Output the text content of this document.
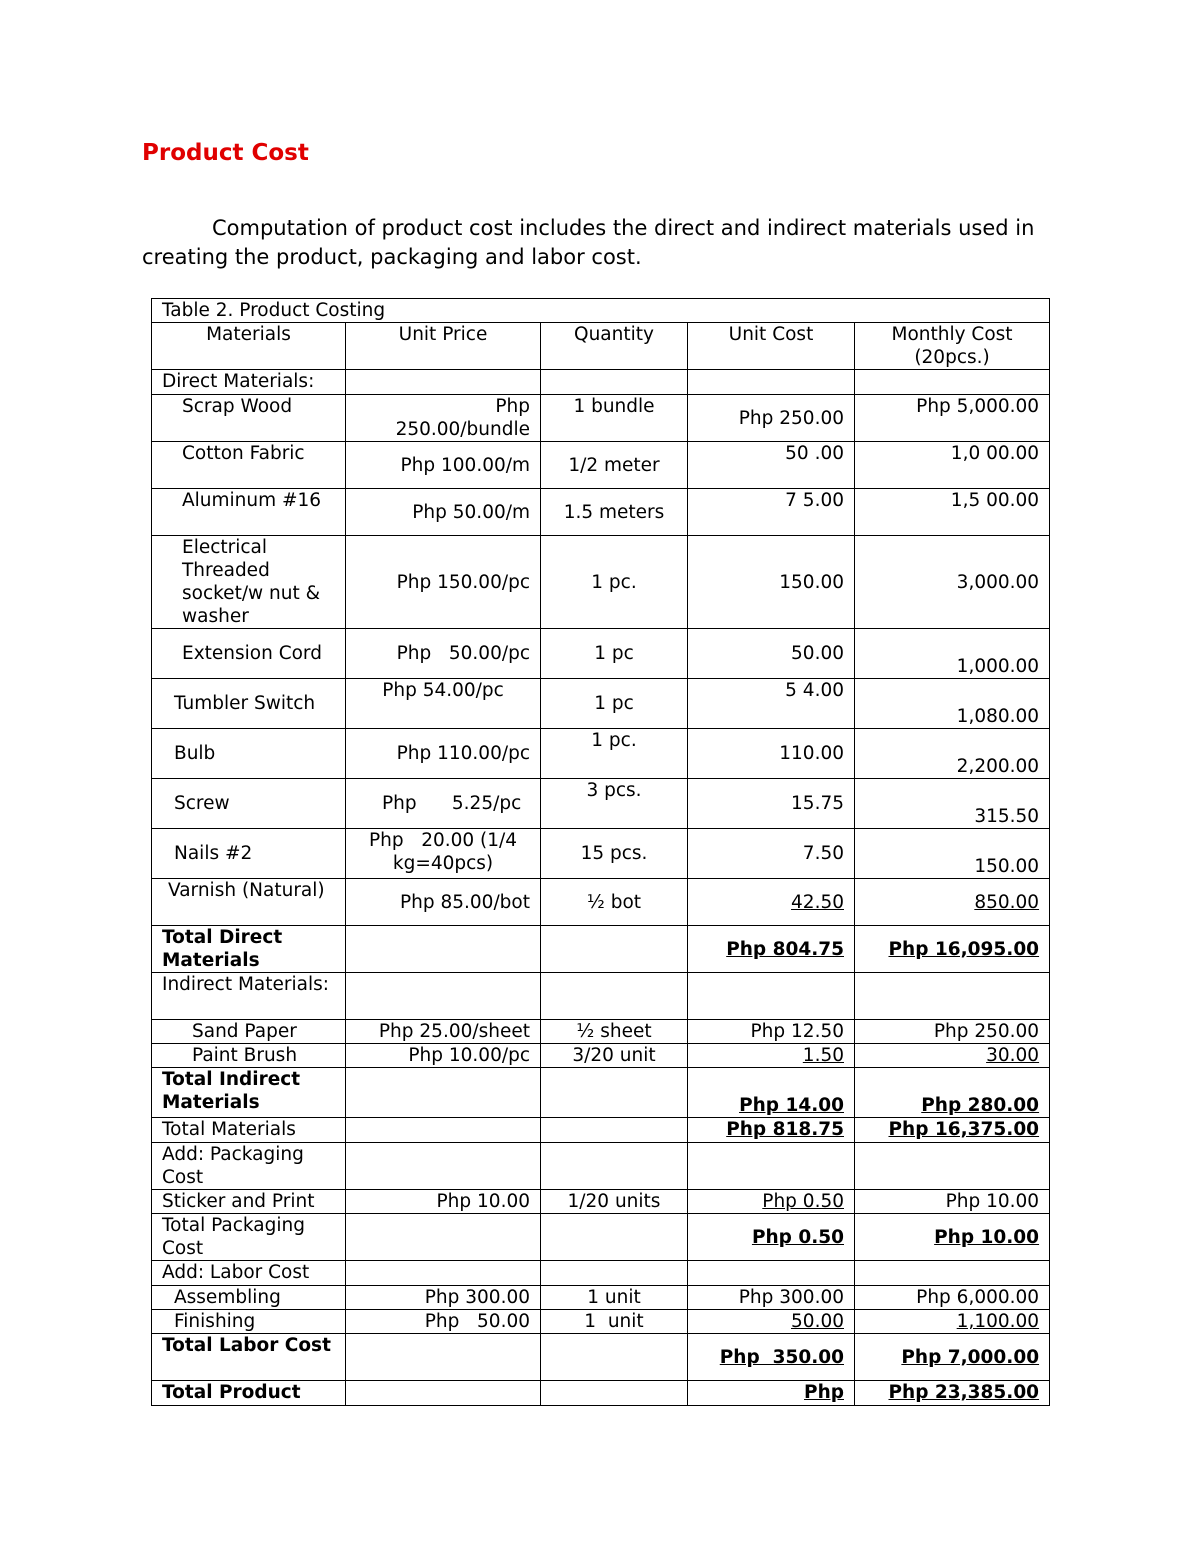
Product Cost

Computation of product cost includes the direct and indirect materials used in creating the product, packaging and labor cost.

Table 2. Product Costing				
Materials	Unit Price	Quantity	Unit Cost	Monthly Cost (20pcs.)
Direct Materials:				
Scrap Wood	Php 250.00/bundle	1 bundle	Php 250.00	Php 5,000.00
Cotton Fabric	Php 100.00/m	1/2 meter	50 .00	1,0 00.00
Aluminum #16	Php 50.00/m	1.5 meters	7 5.00	1,5 00.00
Electrical Threaded socket/w nut & washer	Php 150.00/pc	1 pc.	150.00	3,000.00
Extension Cord	Php   50.00/pc	1 pc	50.00	1,000.00
Tumbler Switch	Php 54.00/pc	1 pc	5 4.00	1,080.00
Bulb	Php 110.00/pc	1 pc.	110.00	2,200.00
Screw	Php      5.25/pc	3 pcs.	15.75	315.50
Nails #2	Php   20.00 (1/4 kg=40pcs)	15 pcs.	7.50	150.00
Varnish (Natural)	Php 85.00/bot	½ bot	42.50	850.00
Total Direct Materials			Php 804.75	Php 16,095.00
Indirect Materials:				
Sand Paper	Php 25.00/sheet	½ sheet	Php 12.50	Php 250.00
Paint Brush	Php 10.00/pc	3/20 unit	1.50	30.00
Total Indirect Materials			Php 14.00	Php 280.00
Total Materials			Php 818.75	Php 16,375.00
Add: Packaging Cost				
Sticker and Print	Php 10.00	1/20 units	Php 0.50	Php 10.00
Total Packaging Cost			Php 0.50	Php 10.00
Add: Labor Cost				
Assembling	Php 300.00	1 unit	Php 300.00	Php 6,000.00
Finishing	Php   50.00	1  unit	50.00	1,100.00
Total Labor Cost			Php  350.00	Php 7,000.00
Total Product			Php	Php 23,385.00
